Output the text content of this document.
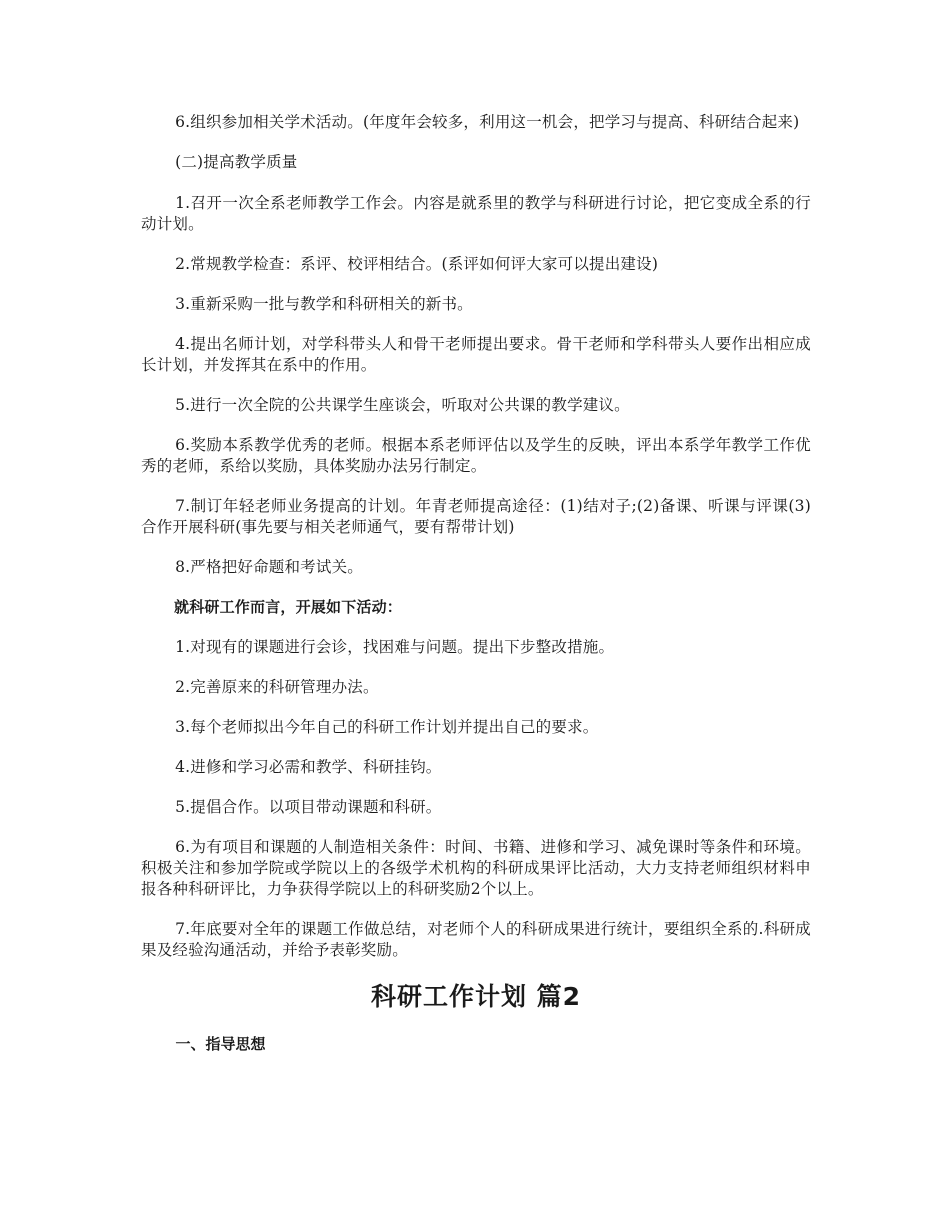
6.组织参加相关学术活动。(年度年会较多，利用这一机会，把学习与提高、科研结合起来)

(二)提高教学质量

1.召开一次全系老师教学工作会。内容是就系里的教学与科研进行讨论，把它变成全系的行动计划。

2.常规教学检查：系评、校评相结合。(系评如何评大家可以提出建设)

3.重新采购一批与教学和科研相关的新书。

4.提出名师计划，对学科带头人和骨干老师提出要求。骨干老师和学科带头人要作出相应成长计划，并发挥其在系中的作用。

5.进行一次全院的公共课学生座谈会，听取对公共课的教学建议。

6.奖励本系教学优秀的老师。根据本系老师评估以及学生的反映，评出本系学年教学工作优秀的老师，系给以奖励，具体奖励办法另行制定。

7.制订年轻老师业务提高的计划。年青老师提高途径：(1)结对子;(2)备课、听课与评课(3)合作开展科研(事先要与相关老师通气，要有帮带计划)

8.严格把好命题和考试关。

就科研工作而言，开展如下活动：

1.对现有的课题进行会诊，找困难与问题。提出下步整改措施。

2.完善原来的科研管理办法。

3.每个老师拟出今年自己的科研工作计划并提出自己的要求。

4.进修和学习必需和教学、科研挂钧。

5.提倡合作。以项目带动课题和科研。

6.为有项目和课题的人制造相关条件：时间、书籍、进修和学习、减免课时等条件和环境。积极关注和参加学院或学院以上的各级学术机构的科研成果评比活动，大力支持老师组织材料申报各种科研评比，力争获得学院以上的科研奖励2个以上。

7.年底要对全年的课题工作做总结，对老师个人的科研成果进行统计，要组织全系的.科研成果及经验沟通活动，并给予表彰奖励。

科研工作计划 篇2
一、指导思想
